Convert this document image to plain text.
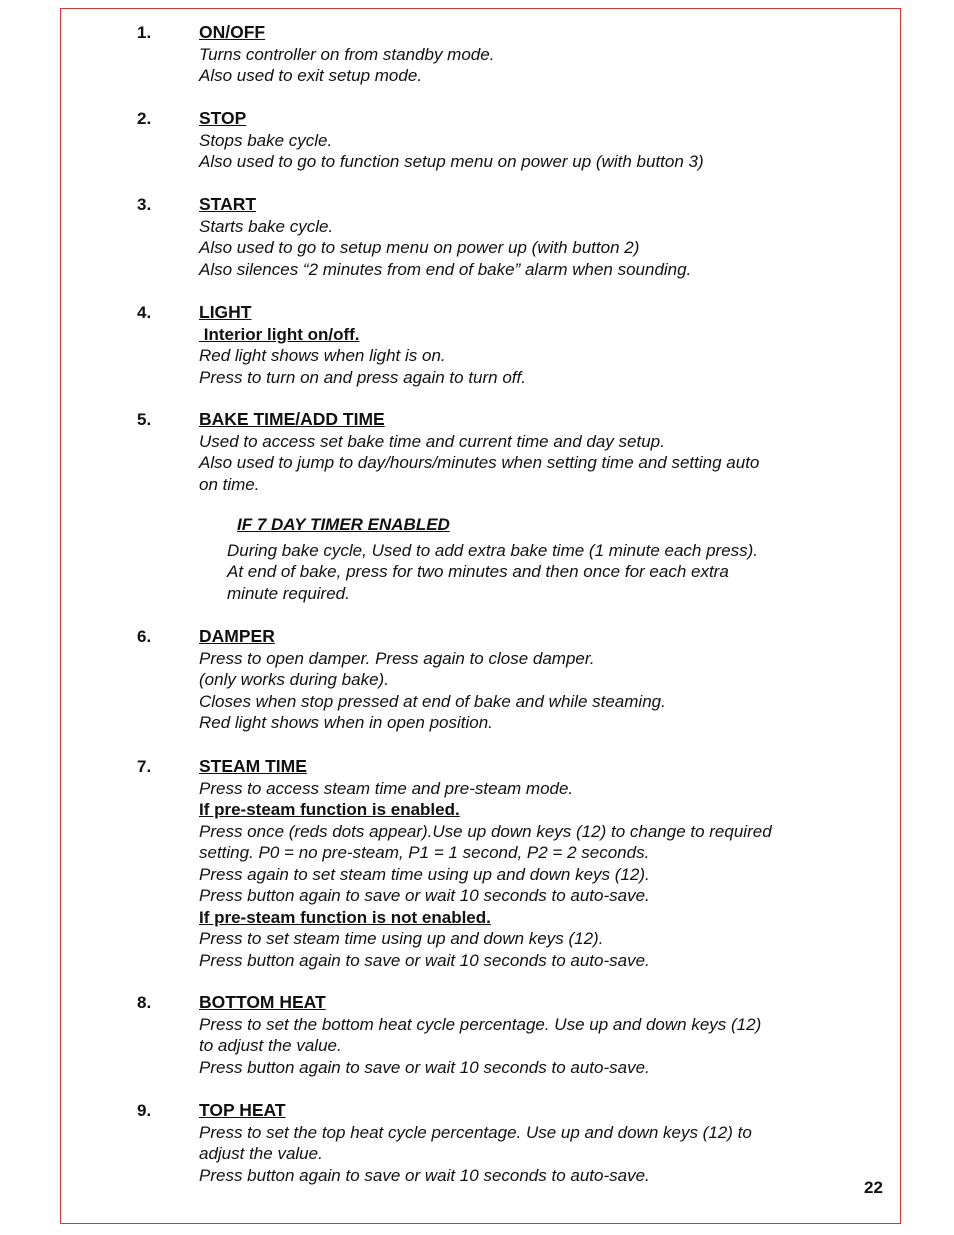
1.	ON/OFF
Turns controller on from standby mode.
Also used to exit setup mode.
2.	STOP
Stops bake cycle.
Also used to go to function setup menu on power up (with button 3)
3.	START
Starts bake cycle.
Also used to go to setup menu on power up (with button 2)
Also silences “2 minutes from end of bake” alarm when sounding.
4.	LIGHT
Interior light on/off.
Red light shows when light is on.
Press to turn on and press again to turn off.
5.	BAKE TIME/ADD TIME
Used to access set bake time and current time and day setup.
Also used to jump to day/hours/minutes when setting time and setting auto
on time.
IF 7 DAY TIMER ENABLED
During bake cycle, Used to add extra bake time (1 minute each press).
At end of bake, press for two minutes and then once for each extra
minute required.
6.	DAMPER
Press to open damper. Press again to close damper.
(only works during bake).
Closes when stop pressed at end of bake and while steaming.
Red light shows when in open position.
7.	STEAM TIME
Press to access steam time and pre-steam mode.
If pre-steam function is enabled.
Press once (reds dots appear).Use up down keys (12) to change to required
setting. P0 = no pre-steam, P1 = 1 second, P2 = 2 seconds.
Press again to set steam time using up and down keys (12).
Press button again to save or wait 10 seconds to auto-save.
If pre-steam function is not enabled.
Press to set steam time using up and down keys (12).
Press button again to save or wait 10 seconds to auto-save.
8.	BOTTOM HEAT
Press to set the bottom heat cycle percentage. Use up and down keys (12)
to adjust the value.
Press button again to save or wait 10 seconds to auto-save.
9.	TOP HEAT
Press to set the top heat cycle percentage. Use up and down keys (12) to
adjust the value.
Press button again to save or wait 10 seconds to auto-save.
22
